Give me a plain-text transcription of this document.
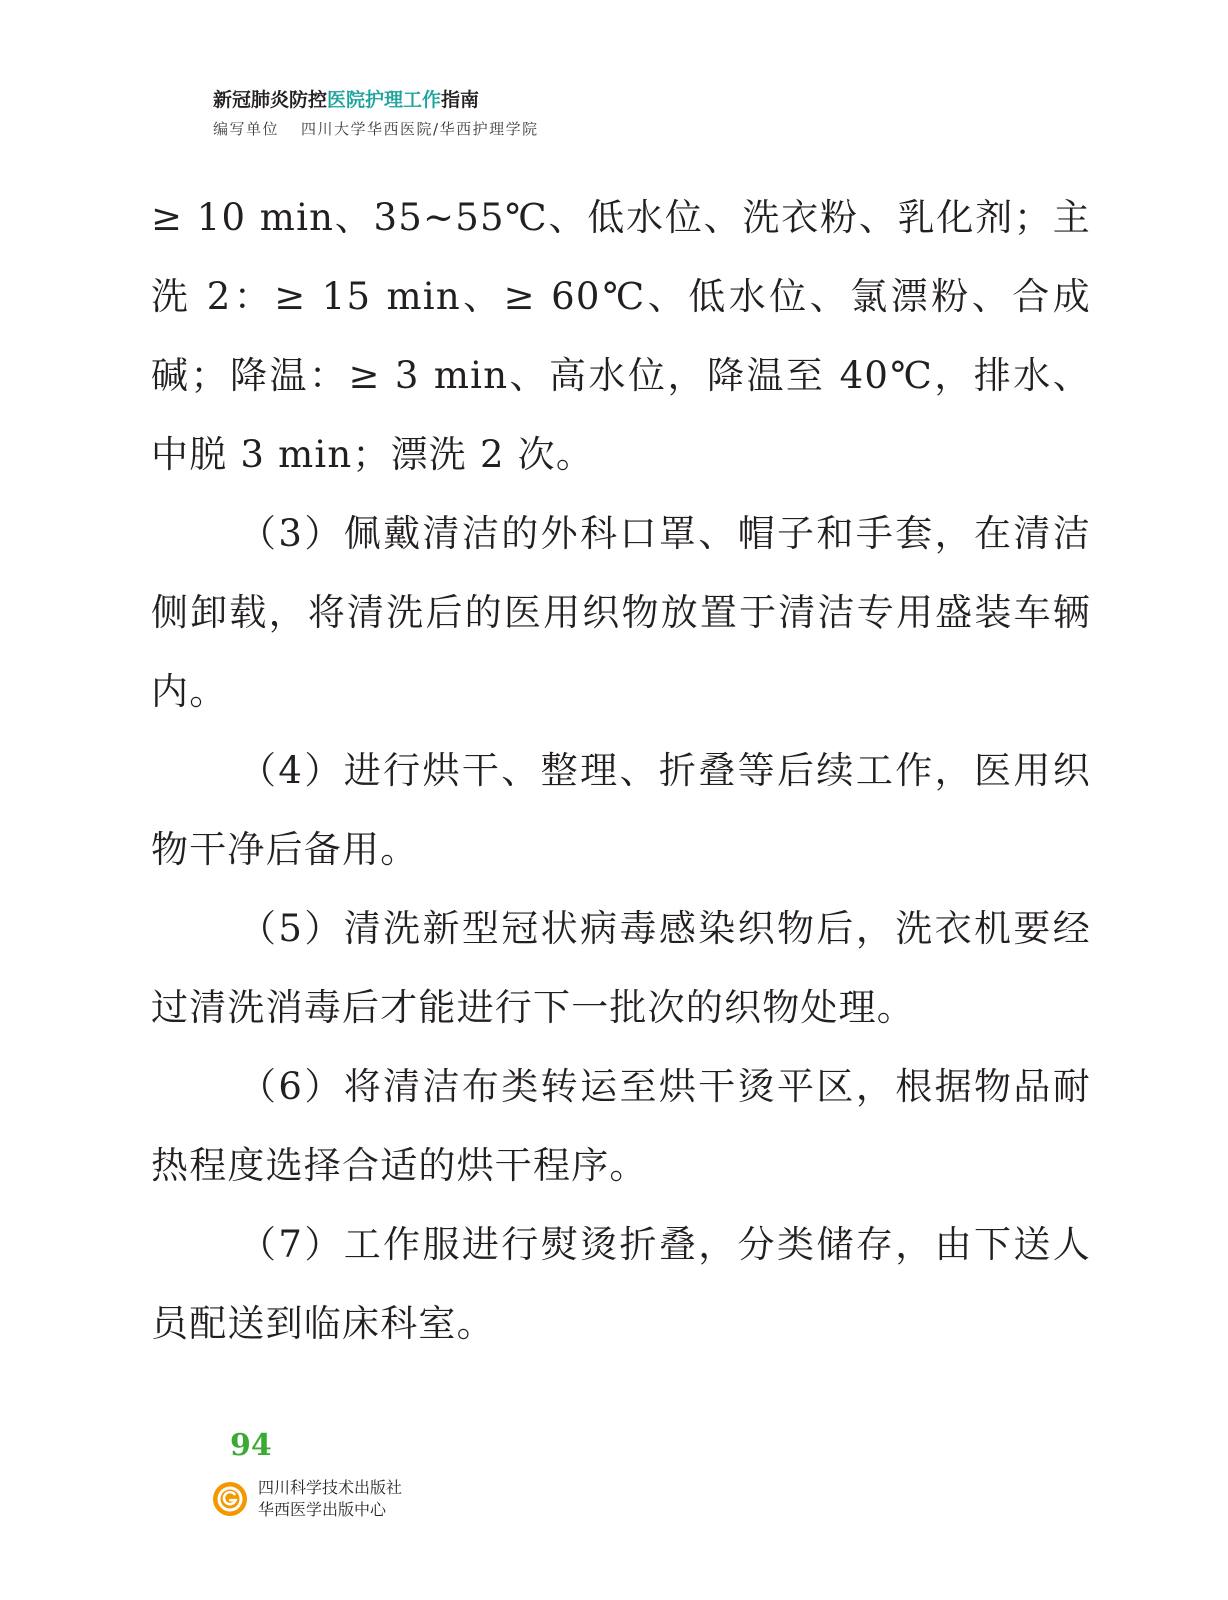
新冠肺炎防控医院护理工作指南
编写单位 四川大学华西医院/华西护理学院

≥ 10 min、35~55℃、低水位、洗衣粉、乳化剂；主洗 2：≥ 15 min、≥ 60℃、低水位、氯漂粉、合成碱；降温：≥ 3 min、高水位，降温至 40℃，排水、中脱 3 min；漂洗 2 次。

（3）佩戴清洁的外科口罩、帽子和手套，在清洁侧卸载，将清洗后的医用织物放置于清洁专用盛装车辆内。

（4）进行烘干、整理、折叠等后续工作，医用织物干净后备用。

（5）清洗新型冠状病毒感染织物后，洗衣机要经过清洗消毒后才能进行下一批次的织物处理。

（6）将清洁布类转运至烘干烫平区，根据物品耐热程度选择合适的烘干程序。

（7）工作服进行熨烫折叠，分类储存，由下送人员配送到临床科室。

94
四川科学技术出版社
华西医学出版中心
